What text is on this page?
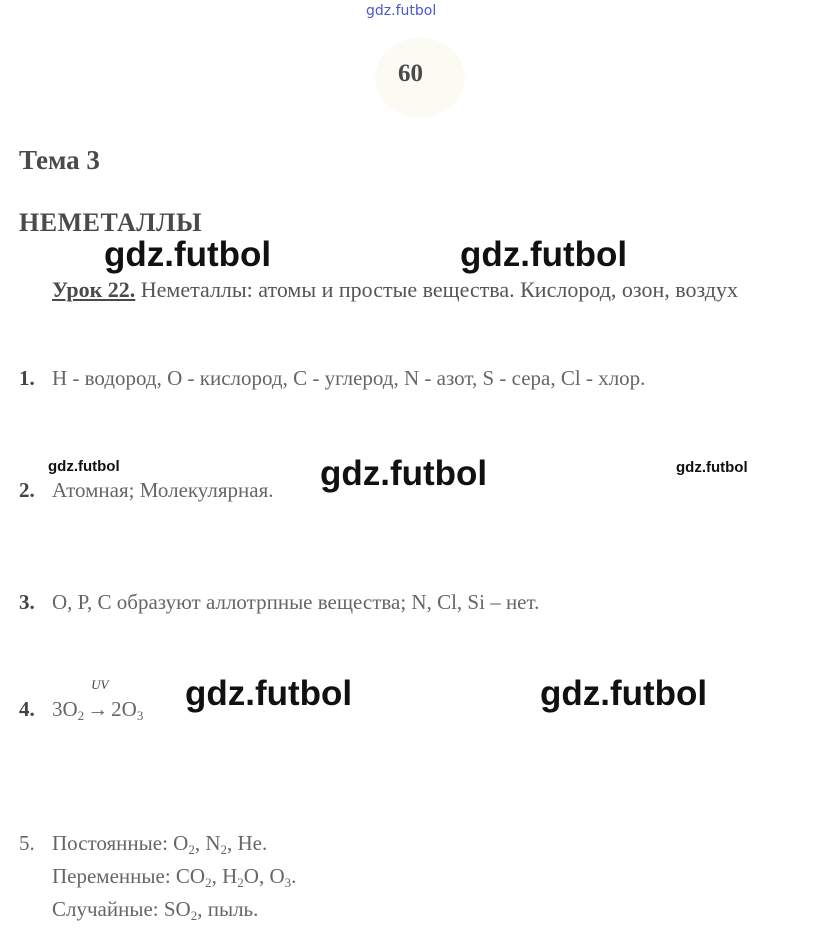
gdz.futbol
60
Тема 3
НЕМЕТАЛЛЫ
Урок 22. Неметаллы: атомы и простые вещества. Кислород, озон, воздух
1. H - водород, O - кислород, C - углерод, N - азот, S - сера, Cl - хлор.
2. Атомная; Молекулярная.
3. O, P, C образуют аллотрпные вещества; N, Cl, Si – нет.
4. $3O_2$
UV
→ $2O_3$
5. Постоянные: $O_2$, $N_2$, He.
Переменные: $CO_2$, $H_2O$, $O_3$.
Случайные: $SO_2$, пыль.
gdz.futbol	gdz.futbol
gdz.futbol	gdz.futbol	gdz.futbol
gdz.futbol	gdz.futbol
